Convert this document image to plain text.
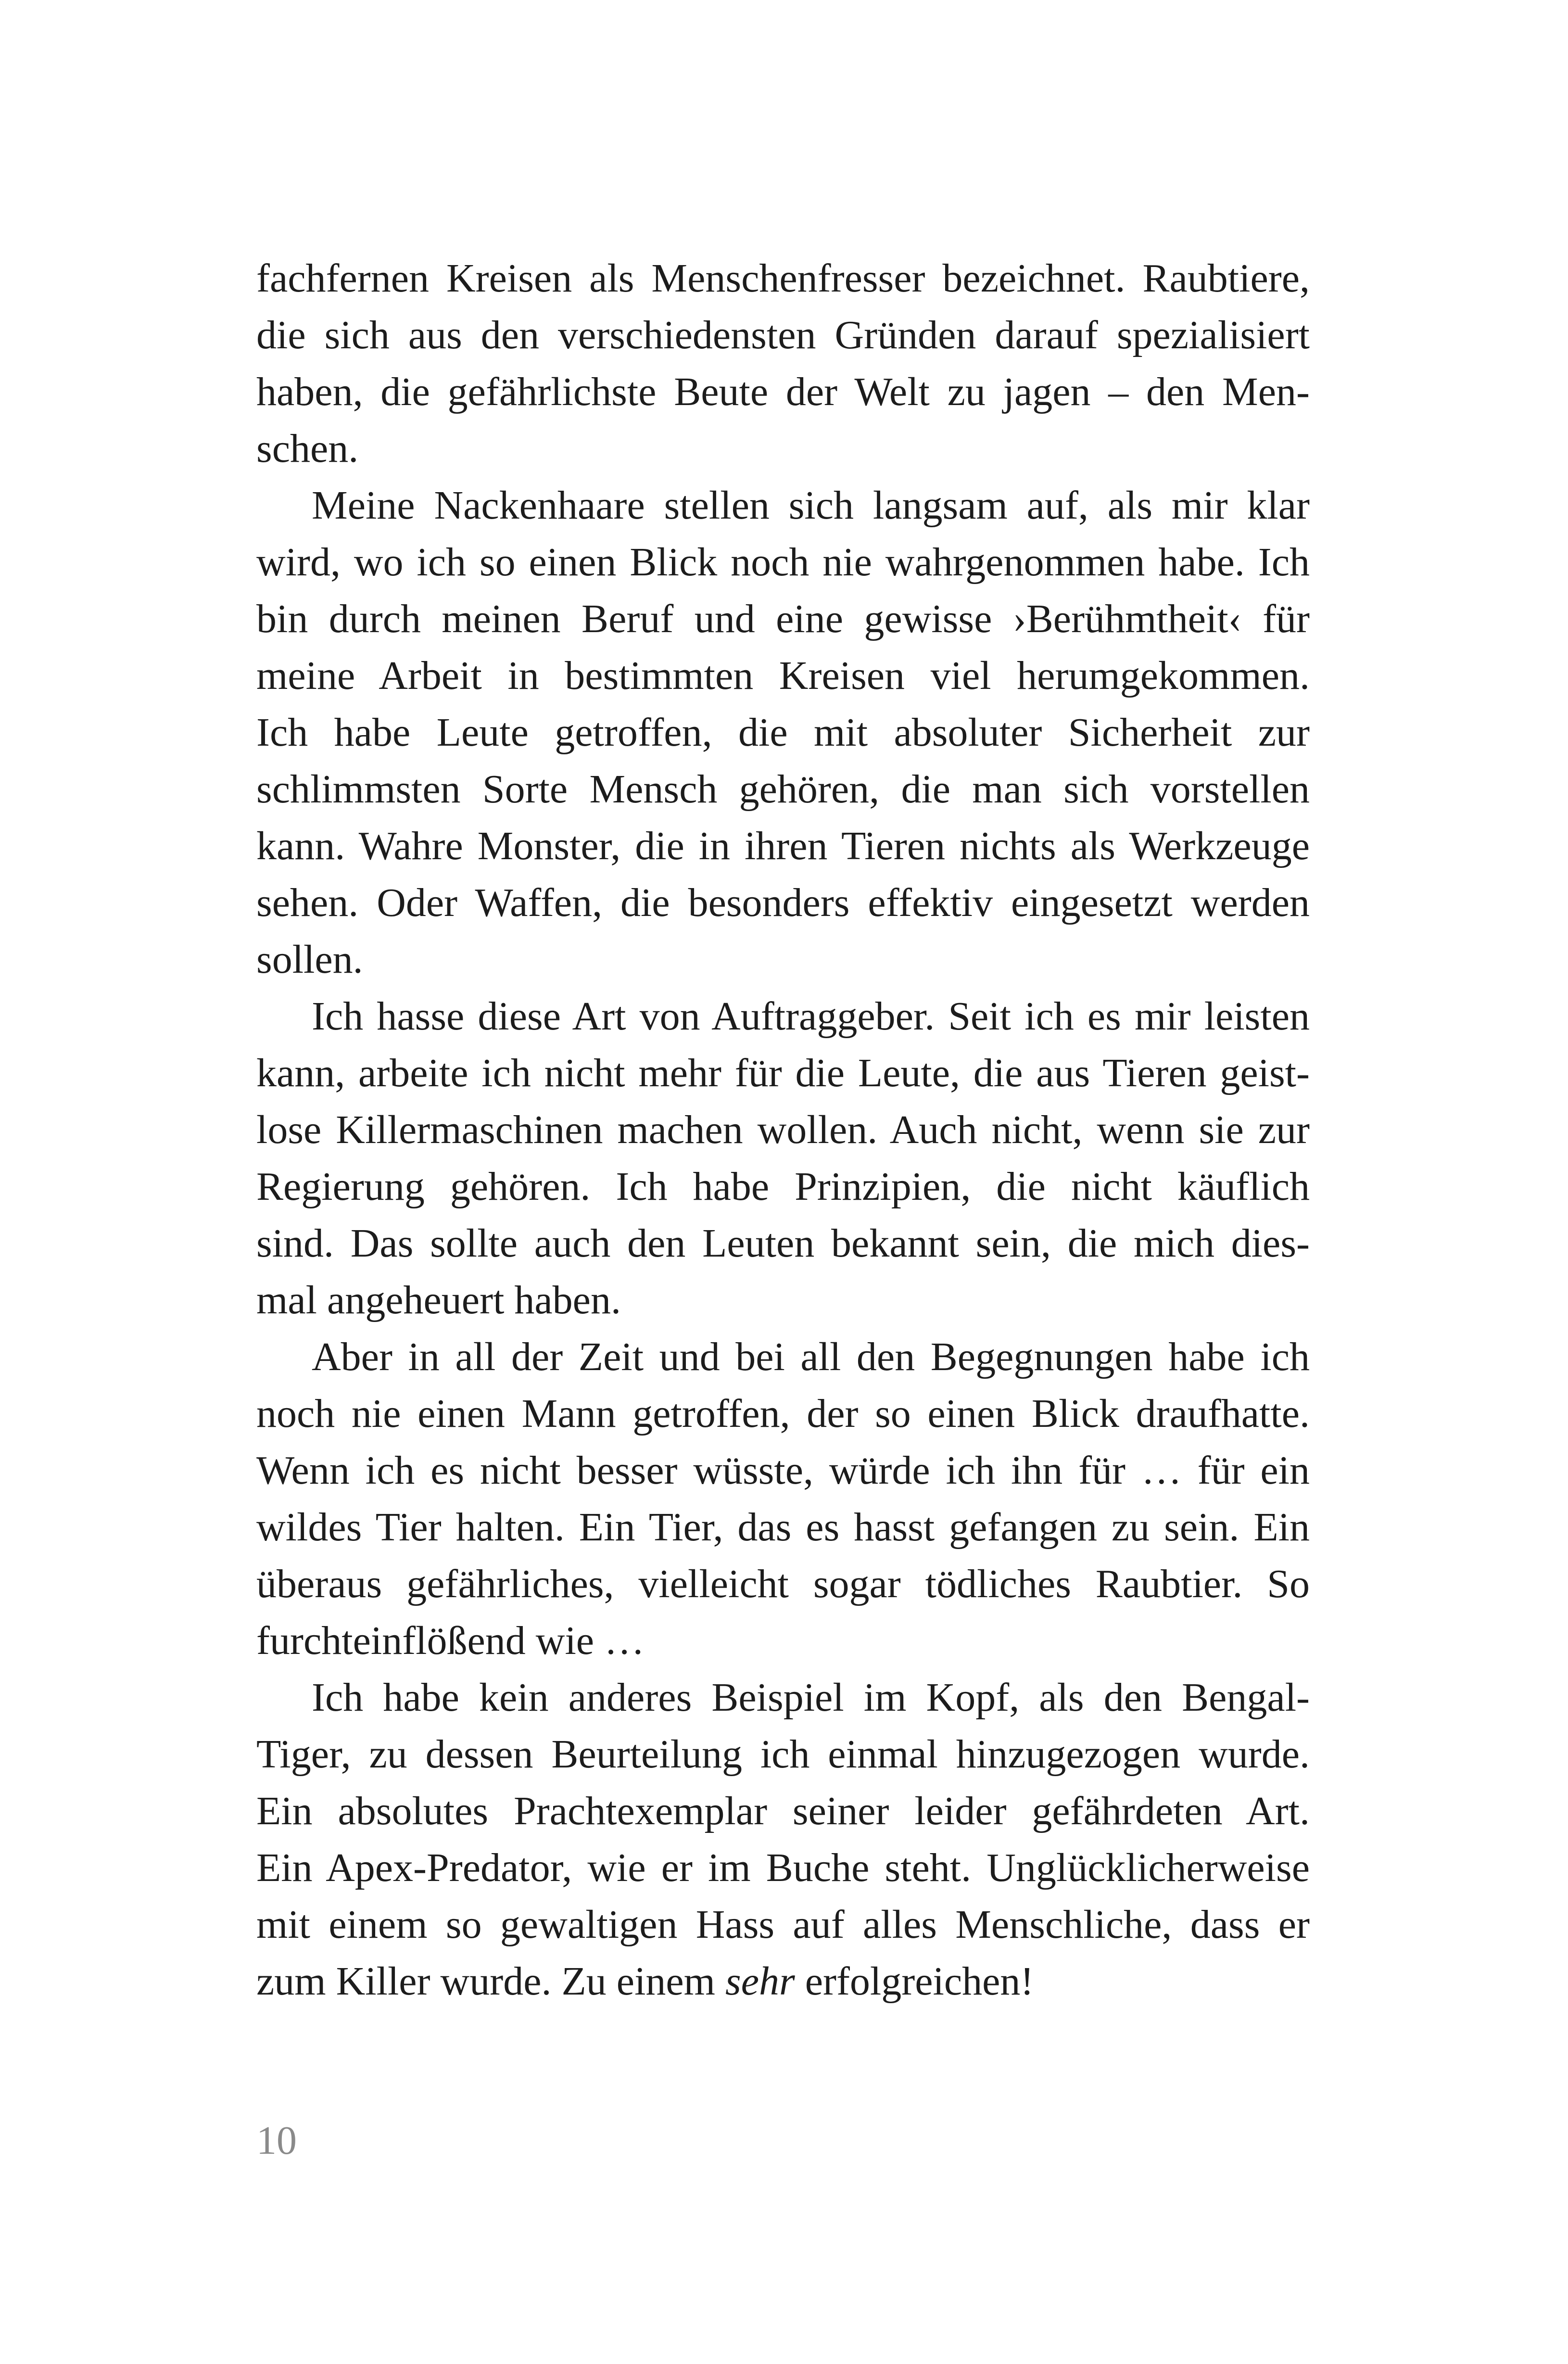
fachfernen Kreisen als Menschenfresser bezeichnet. Raubtiere,
die sich aus den verschiedensten Gründen darauf spezialisiert
haben, die gefährlichste Beute der Welt zu jagen – den Men-
schen.
Meine Nackenhaare stellen sich langsam auf, als mir klar
wird, wo ich so einen Blick noch nie wahrgenommen habe. Ich
bin durch meinen Beruf und eine gewisse ›Berühmtheit‹ für
meine Arbeit in bestimmten Kreisen viel herumgekommen.
Ich habe Leute getroffen, die mit absoluter Sicherheit zur
schlimmsten Sorte Mensch gehören, die man sich vorstellen
kann. Wahre Monster, die in ihren Tieren nichts als Werkzeuge
sehen. Oder Waffen, die besonders effektiv eingesetzt werden
sollen.
Ich hasse diese Art von Auftraggeber. Seit ich es mir leisten
kann, arbeite ich nicht mehr für die Leute, die aus Tieren geist-
lose Killermaschinen machen wollen. Auch nicht, wenn sie zur
Regierung gehören. Ich habe Prinzipien, die nicht käuflich
sind. Das sollte auch den Leuten bekannt sein, die mich dies-
mal angeheuert haben.
Aber in all der Zeit und bei all den Begegnungen habe ich
noch nie einen Mann getroffen, der so einen Blick draufhatte.
Wenn ich es nicht besser wüsste, würde ich ihn für … für ein
wildes Tier halten. Ein Tier, das es hasst gefangen zu sein. Ein
überaus gefährliches, vielleicht sogar tödliches Raubtier. So
furchteinflößend wie …
Ich habe kein anderes Beispiel im Kopf, als den Bengal-
Tiger, zu dessen Beurteilung ich einmal hinzugezogen wurde.
Ein absolutes Prachtexemplar seiner leider gefährdeten Art.
Ein Apex-Predator, wie er im Buche steht. Unglücklicherweise
mit einem so gewaltigen Hass auf alles Menschliche, dass er
zum Killer wurde. Zu einem sehr erfolgreichen!
10
